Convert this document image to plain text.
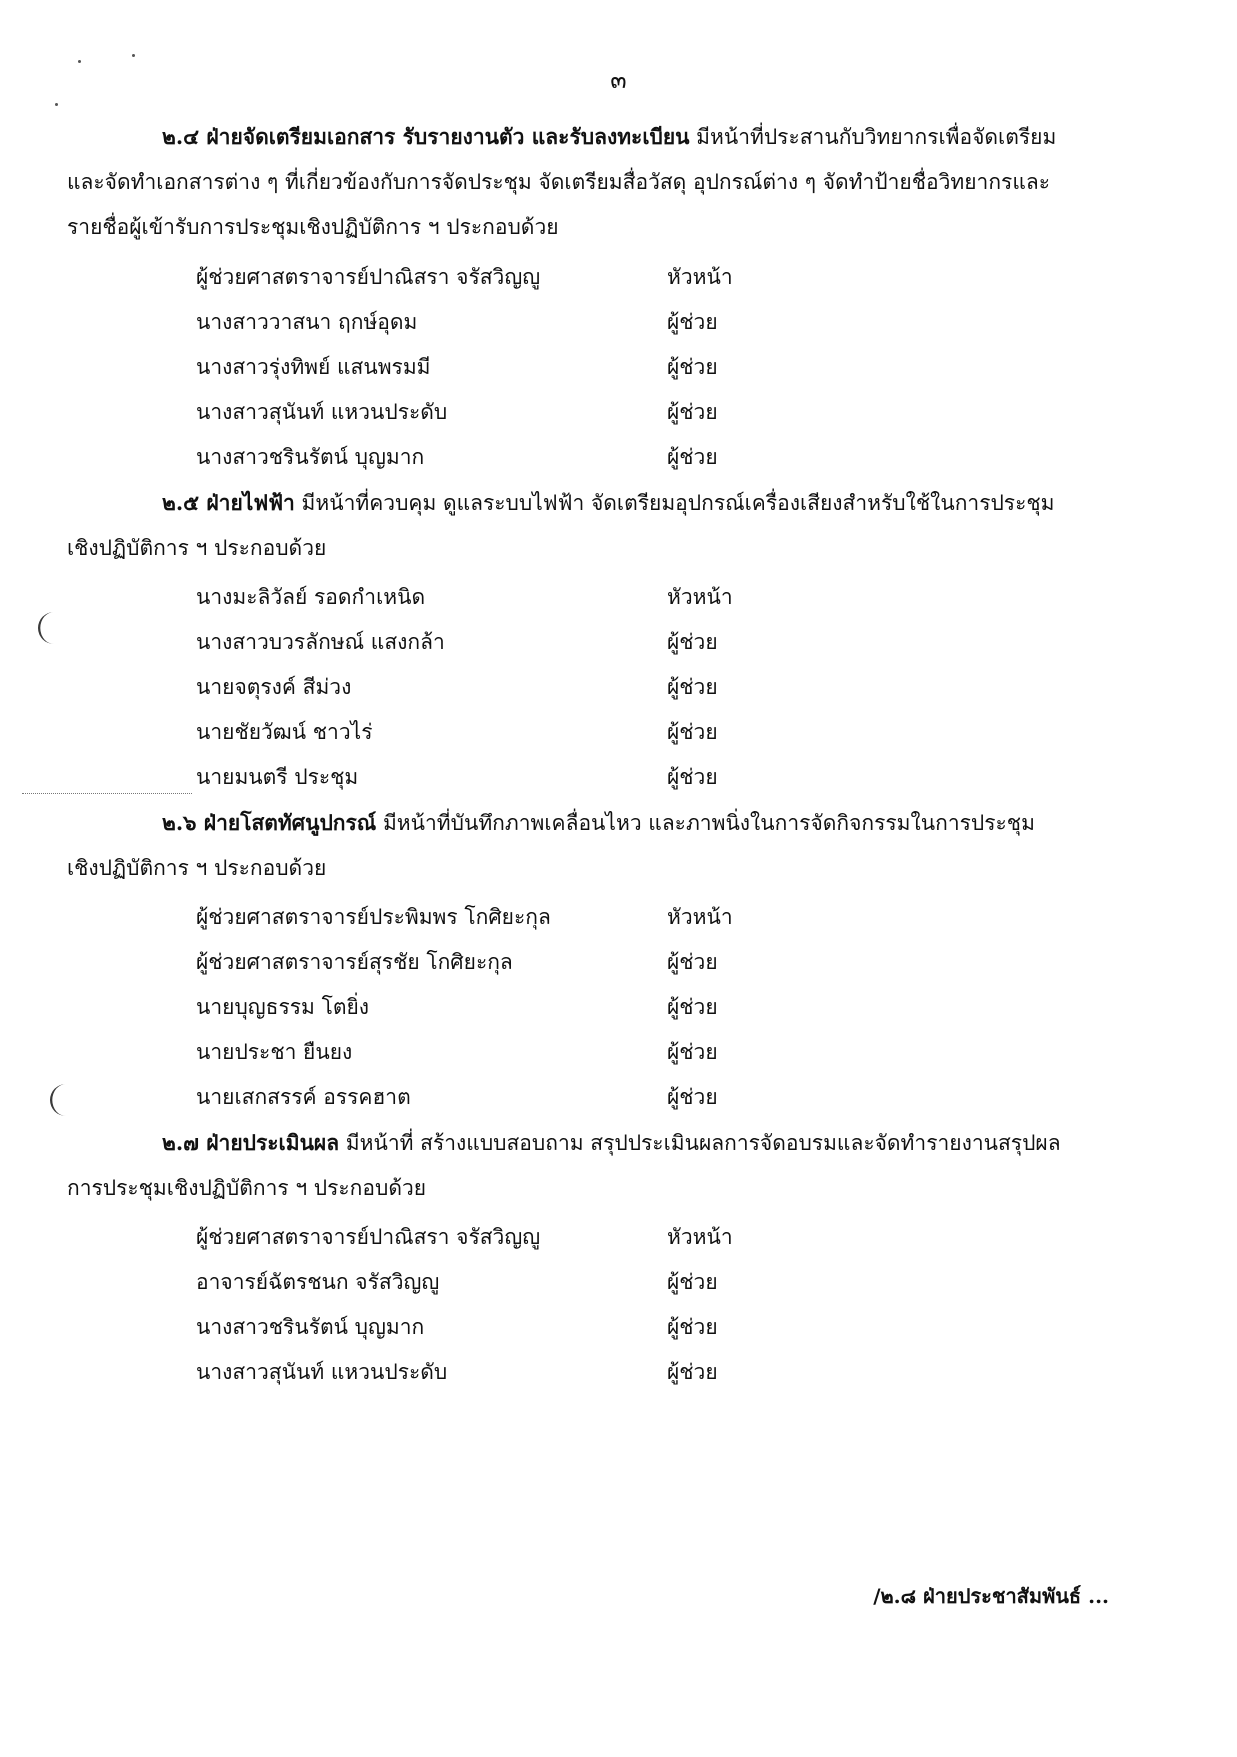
๓
๒.๔ ฝ่ายจัดเตรียมเอกสาร รับรายงานตัว และรับลงทะเบียน มีหน้าที่ประสานกับวิทยากรเพื่อจัดเตรียม
และจัดทำเอกสารต่าง ๆ ที่เกี่ยวข้องกับการจัดประชุม จัดเตรียมสื่อวัสดุ อุปกรณ์ต่าง ๆ จัดทำป้ายชื่อวิทยากรและ
รายชื่อผู้เข้ารับการประชุมเชิงปฏิบัติการ ฯ ประกอบด้วย
ผู้ช่วยศาสตราจารย์ปาณิสรา จรัสวิญญู	หัวหน้า
นางสาววาสนา ฤกษ์อุดม	ผู้ช่วย
นางสาวรุ่งทิพย์ แสนพรมมี	ผู้ช่วย
นางสาวสุนันท์ แหวนประดับ	ผู้ช่วย
นางสาวชรินรัตน์ บุญมาก	ผู้ช่วย
๒.๕ ฝ่ายไฟฟ้า มีหน้าที่ควบคุม ดูแลระบบไฟฟ้า จัดเตรียมอุปกรณ์เครื่องเสียงสำหรับใช้ในการประชุม
เชิงปฏิบัติการ ฯ ประกอบด้วย
นางมะลิวัลย์ รอดกำเหนิด	หัวหน้า
นางสาวบวรลักษณ์ แสงกล้า	ผู้ช่วย
นายจตุรงค์ สีม่วง	ผู้ช่วย
นายชัยวัฒน์ ชาวไร่	ผู้ช่วย
นายมนตรี ประชุม	ผู้ช่วย
๒.๖ ฝ่ายโสตทัศนูปกรณ์ มีหน้าที่บันทึกภาพเคลื่อนไหว และภาพนิ่งในการจัดกิจกรรมในการประชุม
เชิงปฏิบัติการ ฯ ประกอบด้วย
ผู้ช่วยศาสตราจารย์ประพิมพร โกศิยะกุล	หัวหน้า
ผู้ช่วยศาสตราจารย์สุรชัย โกศิยะกุล	ผู้ช่วย
นายบุญธรรม โตยิ่ง	ผู้ช่วย
นายประชา ยืนยง	ผู้ช่วย
นายเสกสรรค์ อรรคฮาต	ผู้ช่วย
๒.๗ ฝ่ายประเมินผล มีหน้าที่ สร้างแบบสอบถาม สรุปประเมินผลการจัดอบรมและจัดทำรายงานสรุปผล
การประชุมเชิงปฏิบัติการ ฯ ประกอบด้วย
ผู้ช่วยศาสตราจารย์ปาณิสรา จรัสวิญญู	หัวหน้า
อาจารย์ฉัตรชนก จรัสวิญญู	ผู้ช่วย
นางสาวชรินรัตน์ บุญมาก	ผู้ช่วย
นางสาวสุนันท์ แหวนประดับ	ผู้ช่วย
/๒.๘ ฝ่ายประชาสัมพันธ์ ...
